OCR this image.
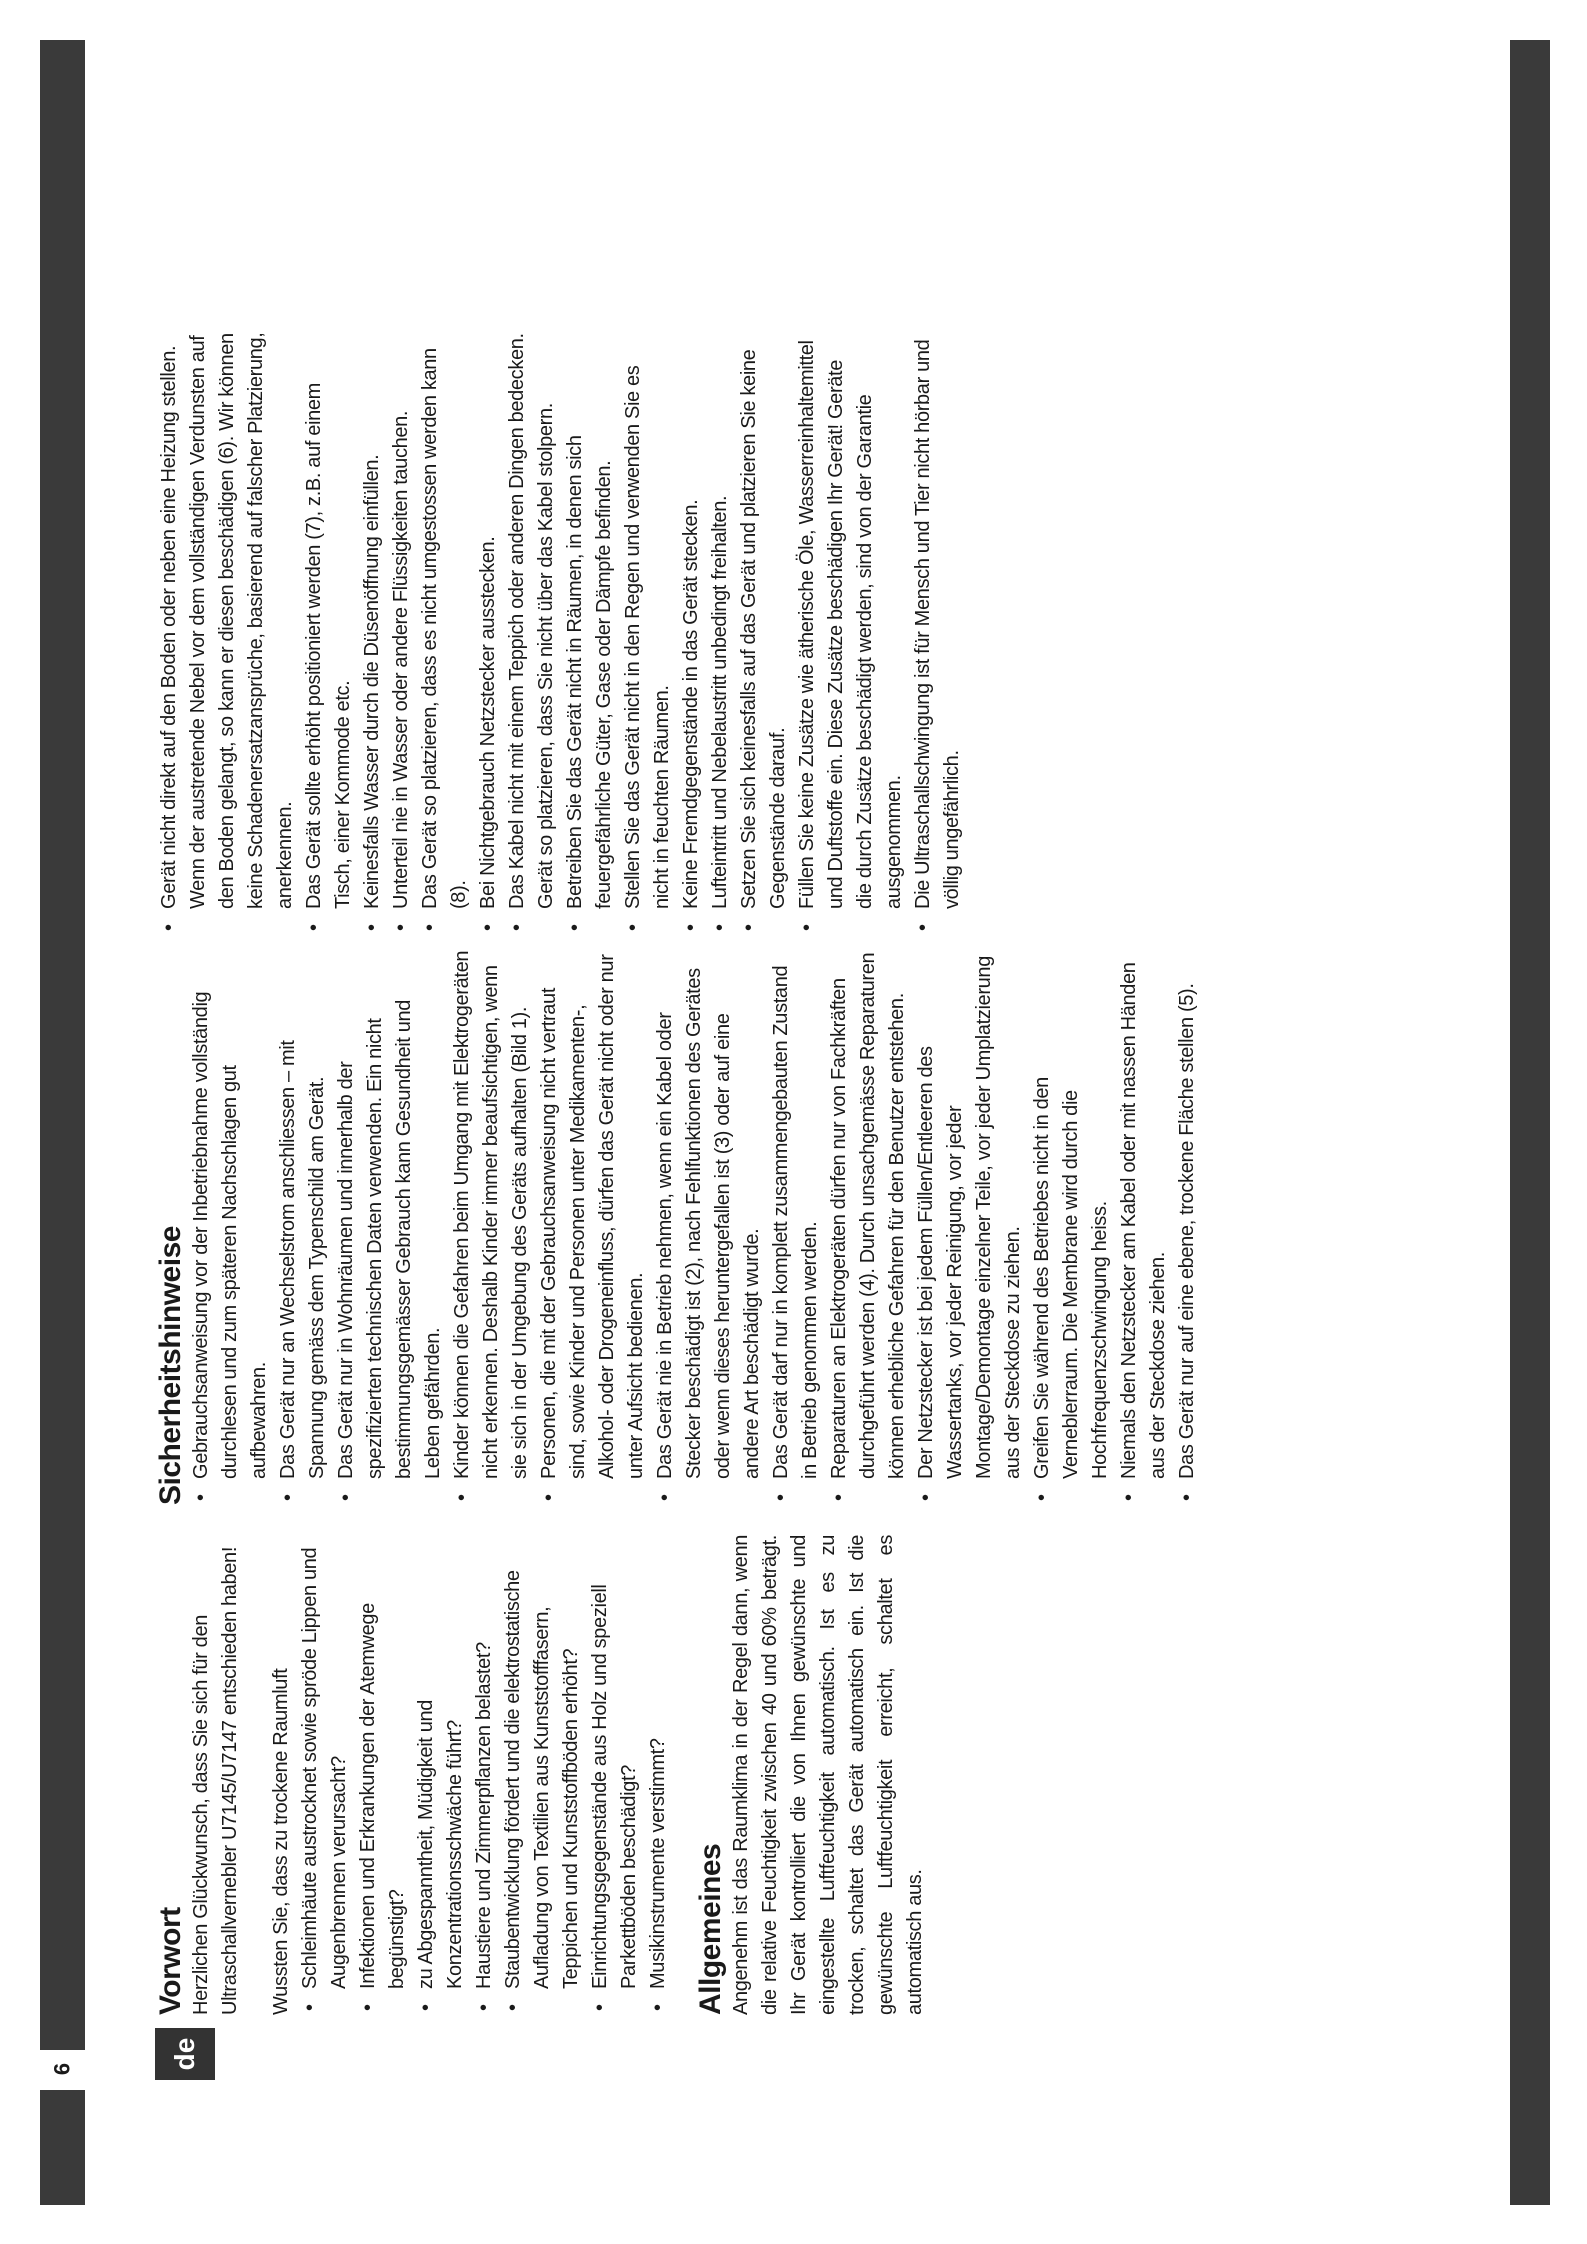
6	de
Vorwort Herzlichen Glückwunsch, dass Sie sich für den Ultraschallvernebler U7145/U7147 entschieden haben! Wussten Sie, dass zu trockene Raumluft • Schleimhäute austrocknet sowie spröde Lippen und Augenbrennen verursacht? • Infektionen und Erkrankungen der Atemwege begünstigt? • zu Abgespanntheit, Müdigkeit und Konzentrationsschwäche führt? • Haustiere und Zimmerpflanzen belastet? • Staubentwicklung fördert und die elektrostatische Aufladung von Textilien aus Kunststofffasern, Teppichen und Kunststoffböden erhöht? • Einrichtungsgegenstände aus Holz und speziell Parkettböden beschädigt? • Musikinstrumente verstimmt? Allgemeines Angenehm ist das Raumklima in der Regel dann, wenn die relative Feuchtigkeit zwischen 40 und 60% beträgt. Ihr Gerät kontrolliert die von Ihnen gewünschte und eingestellte Luftfeuchtigkeit automatisch. Ist es zu trocken, schaltet das Gerät automatisch ein. Ist die gewünschte Luftfeuchtigkeit erreicht, schaltet es automatisch aus.

Sicherheitshinweise • Gebrauchsanweisung vor der Inbetriebnahme vollständig durchlesen und zum späteren Nachschlagen gut aufbewahren. • Das Gerät nur an Wechselstrom anschliessen – mit Spannung gemäss dem Typenschild am Gerät. • Das Gerät nur in Wohnräumen und innerhalb der spezifizierten technischen Daten verwenden. Ein nicht bestimmungsgemässer Gebrauch kann Gesundheit und Leben gefährden. • Kinder können die Gefahren beim Umgang mit Elektrogeräten nicht erkennen. Deshalb Kinder immer beaufsichtigen, wenn sie sich in der Umgebung des Geräts aufhalten (Bild 1). • Personen, die mit der Gebrauchsanweisung nicht vertraut sind, sowie Kinder und Personen unter Medikamenten-, Alkohol- oder Drogeneinfluss, dürfen das Gerät nicht oder nur unter Aufsicht bedienen. • Das Gerät nie in Betrieb nehmen, wenn ein Kabel oder Stecker beschädigt ist (2), nach Fehlfunktionen des Gerätes oder wenn dieses heruntergefallen ist (3) oder auf eine andere Art beschädigt wurde. • Das Gerät darf nur in komplett zusammengebauten Zustand in Betrieb genommen werden. • Reparaturen an Elektrogeräten dürfen nur von Fachkräften durchgeführt werden (4). Durch unsachgemässe Reparaturen können erhebliche Gefahren für den Benutzer entstehen. • Der Netzstecker ist bei jedem Füllen/Entleeren des Wassertanks, vor jeder Reinigung, vor jeder Montage/Demontage einzelner Teile, vor jeder Umplatzierung aus der Steckdose zu ziehen. • Greifen Sie während des Betriebes nicht in den Verneblerraum. Die Membrane wird durch die Hochfrequenzschwingung heiss. • Niemals den Netzstecker am Kabel oder mit nassen Händen aus der Steckdose ziehen. • Das Gerät nur auf eine ebene, trockene Fläche stellen (5).
• Gerät nicht direkt auf den Boden oder neben eine Heizung stellen. Wenn der austretende Nebel vor dem vollständigen Verdunsten auf den Boden gelangt, so kann er diesen beschädigen (6). Wir können keine Schadenersatzansprüche, basierend auf falscher Platzierung, anerkennen. • Das Gerät sollte erhöht positioniert werden (7), z.B. auf einem Tisch, einer Kommode etc. • Keinesfalls Wasser durch die Düsenöffnung einfüllen. • Unterteil nie in Wasser oder andere Flüssigkeiten tauchen. • Das Gerät so platzieren, dass es nicht umgestossen werden kann (8). • Bei Nichtgebrauch Netzstecker ausstecken. • Das Kabel nicht mit einem Teppich oder anderen Dingen bedecken. Gerät so platzieren, dass Sie nicht über das Kabel stolpern. • Betreiben Sie das Gerät nicht in Räumen, in denen sich feuergefährliche Güter, Gase oder Dämpfe befinden. • Stellen Sie das Gerät nicht in den Regen und verwenden Sie es nicht in feuchten Räumen. • Keine Fremdgegenstände in das Gerät stecken. • Lufteintritt und Nebelaustritt unbedingt freihalten. • Setzen Sie sich keinesfalls auf das Gerät und platzieren Sie keine Gegenstände darauf. • Füllen Sie keine Zusätze wie ätherische Öle, Wasserreinhaltemittel und Duftstoffe ein. Diese Zusätze beschädigen Ihr Gerät! Geräte die durch Zusätze beschädigt werden, sind von der Garantie ausgenommen. • Die Ultraschallschwingung ist für Mensch und Tier nicht hörbar und völlig ungefährlich.
